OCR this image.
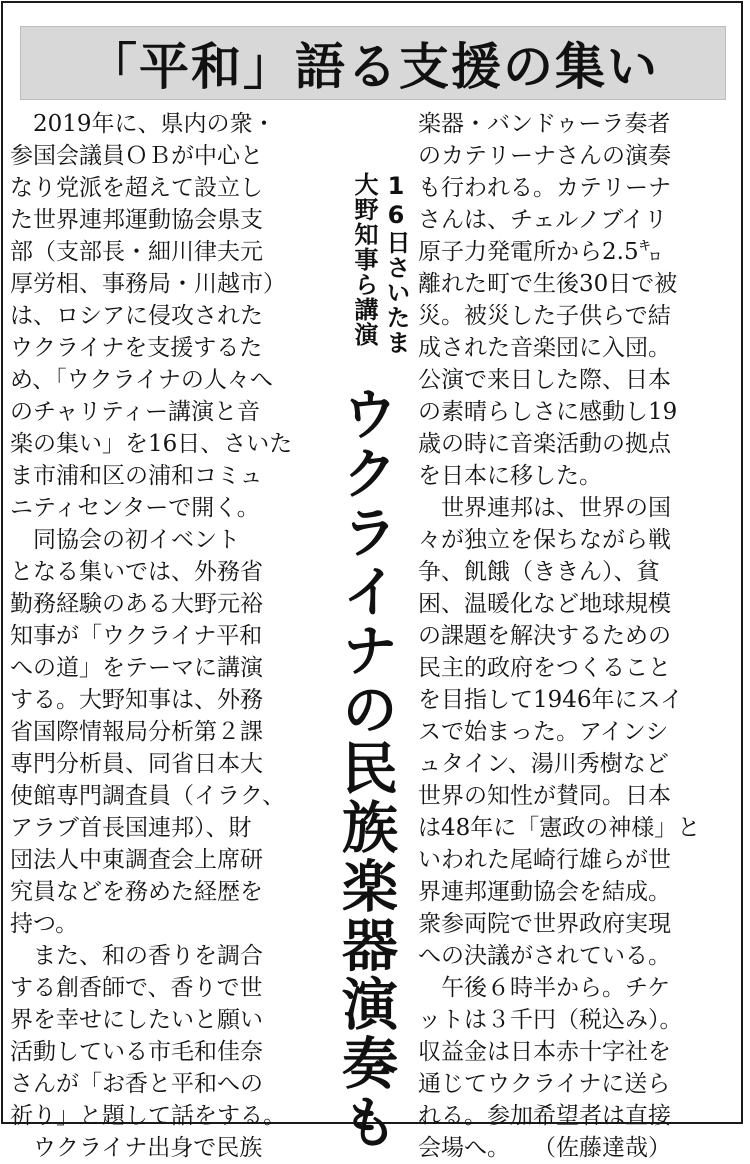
「平和」語る支援の集い
　2019年に、県内の衆・
参国会議員ＯＢが中心と
なり党派を超えて設立し
た世界連邦運動協会県支
部（支部長・細川律夫元
厚労相、事務局・川越市）
は、ロシアに侵攻された
ウクライナを支援するた
め、「ウクライナの人々へ
のチャリティー講演と音
楽の集い」を16日、さいた
ま市浦和区の浦和コミュ
ニティセンターで開く。
　同協会の初イベント
となる集いでは、外務省
勤務経験のある大野元裕
知事が「ウクライナ平和
への道」をテーマに講演
する。大野知事は、外務
省国際情報局分析第２課
専門分析員、同省日本大
使館専門調査員（イラク、
アラブ首長国連邦）、財
団法人中東調査会上席研
究員などを務めた経歴を
持つ。
　また、和の香りを調合
する創香師で、香りで世
界を幸せにしたいと願い
活動している市毛和佳奈
さんが「お香と平和への
祈り」と題して話をする。
　ウクライナ出身で民族
16日さいたま
大野知事ら講演
ウクライナの民族楽器演奏も
楽器・バンドゥーラ奏者
のカテリーナさんの演奏
も行われる。カテリーナ
さんは、チェルノブイリ
原子力発電所から2.5㌔
離れた町で生後30日で被
災。被災した子供らで結
成された音楽団に入団。
公演で来日した際、日本
の素晴らしさに感動し19
歳の時に音楽活動の拠点
を日本に移した。
　世界連邦は、世界の国
々が独立を保ちながら戦
争、飢餓（ききん）、貧
困、温暖化など地球規模
の課題を解決するための
民主的政府をつくること
を目指して1946年にスイ
スで始まった。アインシ
ュタイン、湯川秀樹など
世界の知性が賛同。日本
は48年に「憲政の神様」と
いわれた尾崎行雄らが世
界連邦運動協会を結成。
衆参両院で世界政府実現
への決議がされている。
　午後６時半から。チケ
ットは３千円（税込み）。
収益金は日本赤十字社を
通じてウクライナに送ら
れる。参加希望者は直接
会場へ。　　（佐藤達哉）
